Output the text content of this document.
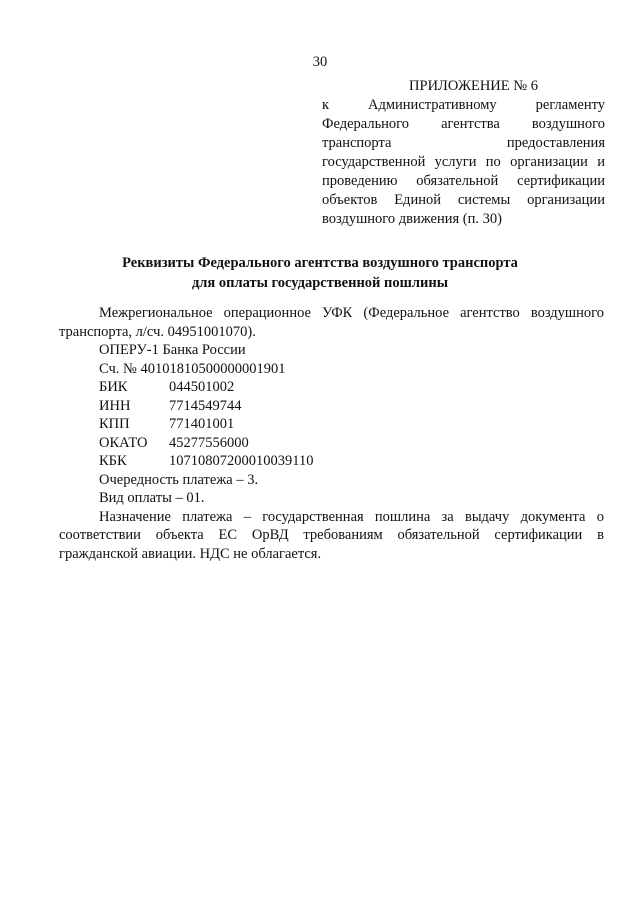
30
ПРИЛОЖЕНИЕ № 6
к	Административному	регламенту
Федерального агентства воздушного
транспорта	предоставления
государственной услуги по организации и
проведению обязательной сертификации
объектов Единой системы организации
воздушного движения (п. 30)
Реквизиты Федерального агентства воздушного транспорта
для оплаты государственной пошлины
Межрегиональное операционное УФК (Федеральное агентство воздушного
транспорта, л/сч. 04951001070).
ОПЕРУ-1 Банка России
Сч. № 40101810500000001901
БИК	044501002
ИНН	7714549744
КПП	771401001
ОКАТО	45277556000
КБК	10710807200010039110
Очередность платежа – 3.
Вид оплаты – 01.
Назначение платежа – государственная пошлина за выдачу документа о
соответствии объекта ЕС ОрВД требованиям обязательной сертификации в
гражданской авиации. НДС не облагается.
